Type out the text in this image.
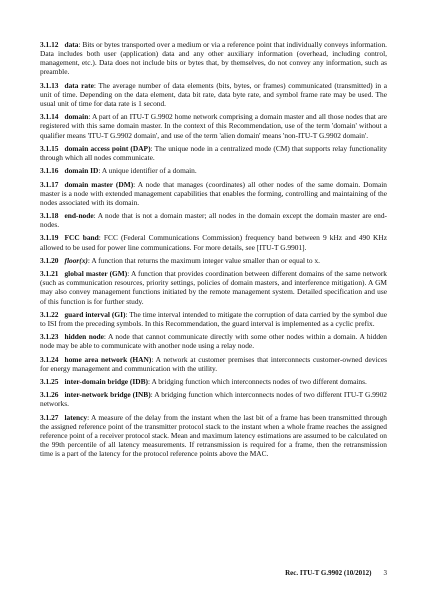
3.1.12 data: Bits or bytes transported over a medium or via a reference point that individually conveys information. Data includes both user (application) data and any other auxiliary information (overhead, including control, management, etc.). Data does not include bits or bytes that, by themselves, do not convey any information, such as preamble.

3.1.13 data rate: The average number of data elements (bits, bytes, or frames) communicated (transmitted) in a unit of time. Depending on the data element, data bit rate, data byte rate, and symbol frame rate may be used. The usual unit of time for data rate is 1 second.

3.1.14 domain: A part of an ITU-T G.9902 home network comprising a domain master and all those nodes that are registered with this same domain master. In the context of this Recommendation, use of the term 'domain' without a qualifier means 'ITU-T G.9902 domain', and use of the term 'alien domain' means 'non-ITU-T G.9902 domain'.

3.1.15 domain access point (DAP): The unique node in a centralized mode (CM) that supports relay functionality through which all nodes communicate.

3.1.16 domain ID: A unique identifier of a domain.

3.1.17 domain master (DM): A node that manages (coordinates) all other nodes of the same domain. Domain master is a node with extended management capabilities that enables the forming, controlling and maintaining of the nodes associated with its domain.

3.1.18 end-node: A node that is not a domain master; all nodes in the domain except the domain master are end-nodes.

3.1.19 FCC band: FCC (Federal Communications Commission) frequency band between 9 kHz and 490 KHz allowed to be used for power line communications. For more details, see [ITU-T G.9901].

3.1.20 floor(x): A function that returns the maximum integer value smaller than or equal to x.

3.1.21 global master (GM): A function that provides coordination between different domains of the same network (such as communication resources, priority settings, policies of domain masters, and interference mitigation). A GM may also convey management functions initiated by the remote management system. Detailed specification and use of this function is for further study.

3.1.22 guard interval (GI): The time interval intended to mitigate the corruption of data carried by the symbol due to ISI from the preceding symbols. In this Recommendation, the guard interval is implemented as a cyclic prefix.

3.1.23 hidden node: A node that cannot communicate directly with some other nodes within a domain. A hidden node may be able to communicate with another node using a relay node.

3.1.24 home area network (HAN): A network at customer premises that interconnects customer-owned devices for energy management and communication with the utility.

3.1.25 inter-domain bridge (IDB): A bridging function which interconnects nodes of two different domains.

3.1.26 inter-network bridge (INB): A bridging function which interconnects nodes of two different ITU-T G.9902 networks.

3.1.27 latency: A measure of the delay from the instant when the last bit of a frame has been transmitted through the assigned reference point of the transmitter protocol stack to the instant when a whole frame reaches the assigned reference point of a receiver protocol stack. Mean and maximum latency estimations are assumed to be calculated on the 99th percentile of all latency measurements. If retransmission is required for a frame, then the retransmission time is a part of the latency for the protocol reference points above the MAC.

Rec. ITU-T G.9902 (10/2012) 3
